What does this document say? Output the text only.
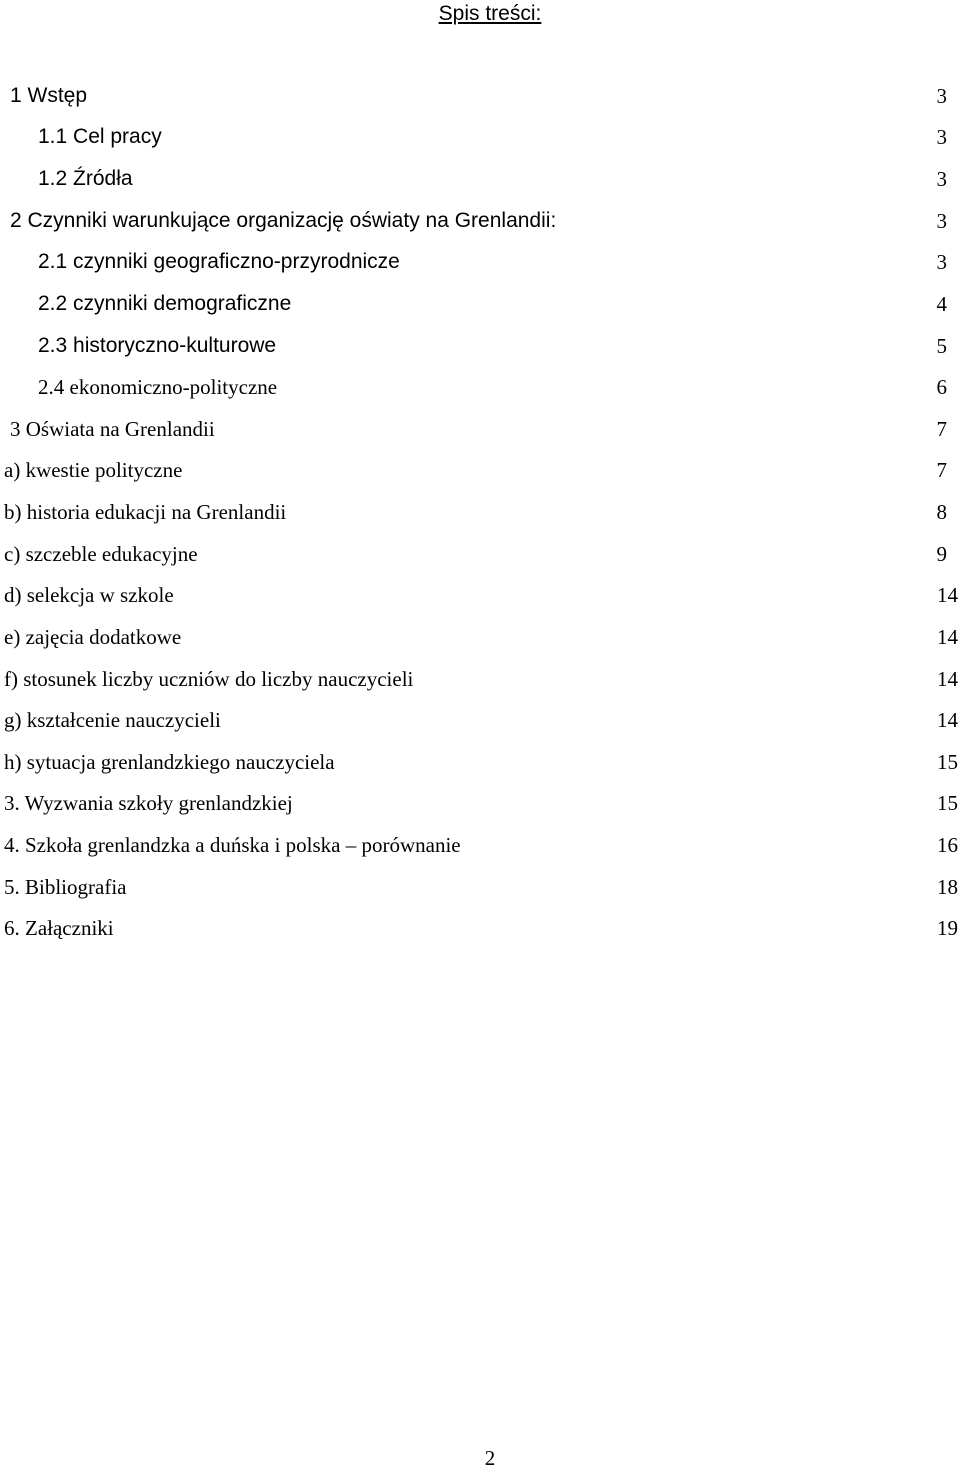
Spis treści:
1 Wstęp	3
1.1 Cel pracy	3
1.2 Źródła	3
2 Czynniki warunkujące organizację oświaty na Grenlandii:	3
2.1 czynniki geograficzno-przyrodnicze	3
2.2 czynniki demograficzne	4
2.3 historyczno-kulturowe	5
2.4 ekonomiczno-polityczne	6
3 Oświata na Grenlandii	7
a) kwestie polityczne	7
b) historia edukacji na Grenlandii	8
c) szczeble edukacyjne	9
d) selekcja w szkole	14
e) zajęcia dodatkowe	14
f) stosunek liczby uczniów do liczby nauczycieli	14
g) kształcenie nauczycieli	14
h) sytuacja grenlandzkiego nauczyciela	15
3. Wyzwania szkoły grenlandzkiej	15
4. Szkoła grenlandzka a duńska i polska – porównanie	16
5. Bibliografia	18
6. Załączniki	19
2
